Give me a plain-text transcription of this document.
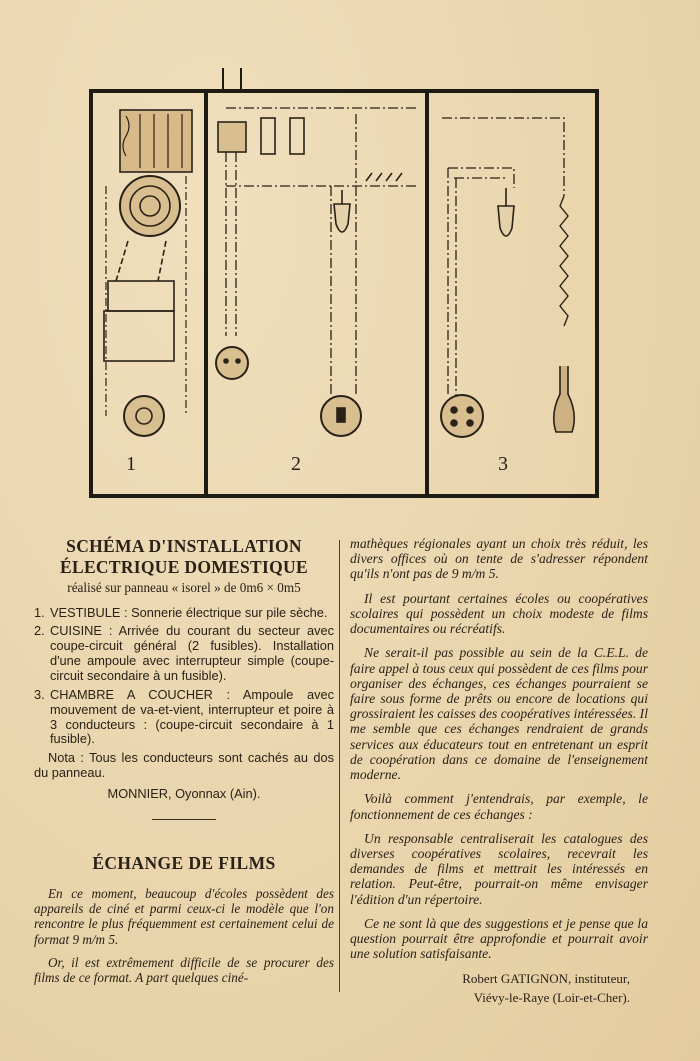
1	2	3
SCHÉMA D'INSTALLATION
ÉLECTRIQUE DOMESTIQUE
réalisé sur panneau « isorel » de 0m6 × 0m5
1. VESTIBULE : Sonnerie électrique sur pile sèche.
2. CUISINE : Arrivée du courant du secteur avec coupe-circuit général (2 fusibles). Installation d'une ampoule avec interrupteur simple (coupe-circuit secondaire à un fusible).
3. CHAMBRE A COUCHER : Ampoule avec mouvement de va-et-vient, interrupteur et poire à 3 conducteurs : (coupe-circuit secondaire à 1 fusible).

Nota : Tous les conducteurs sont cachés au dos du panneau.

MONNIER, Oyonnax (Ain).
ÉCHANGE DE FILMS

En ce moment, beaucoup d'écoles possèdent des appareils de ciné et parmi ceux-ci le modèle que l'on rencontre le plus fréquemment est certainement celui de format 9 m/m 5.

Or, il est extrêmement difficile de se procurer des films de ce format. A part quelques ciné-

mathèques régionales ayant un choix très réduit, les divers offices où on tente de s'adresser répondent qu'ils n'ont pas de 9 m/m 5.

Il est pourtant certaines écoles ou coopératives scolaires qui possèdent un choix modeste de films documentaires ou récréatifs.

Ne serait-il pas possible au sein de la C.E.L. de faire appel à tous ceux qui possèdent de ces films pour organiser des échanges, ces échanges pourraient se faire sous forme de prêts ou encore de locations qui grossiraient les caisses des coopératives intéressées. Il me semble que ces échanges rendraient de grands services aux éducateurs tout en entretenant un esprit de coopération dans ce domaine de l'enseignement moderne.

Voilà comment j'entendrais, par exemple, le fonctionnement de ces échanges :

Un responsable centraliserait les catalogues des diverses coopératives scolaires, recevrait les demandes de films et mettrait les intéressés en relation. Peut-être, pourrait-on même envisager l'édition d'un répertoire.

Ce ne sont là que des suggestions et je pense que la question pourrait être approfondie et pourrait avoir une solution satisfaisante.

Robert GATIGNON, instituteur,
Viévy-le-Raye (Loir-et-Cher).
